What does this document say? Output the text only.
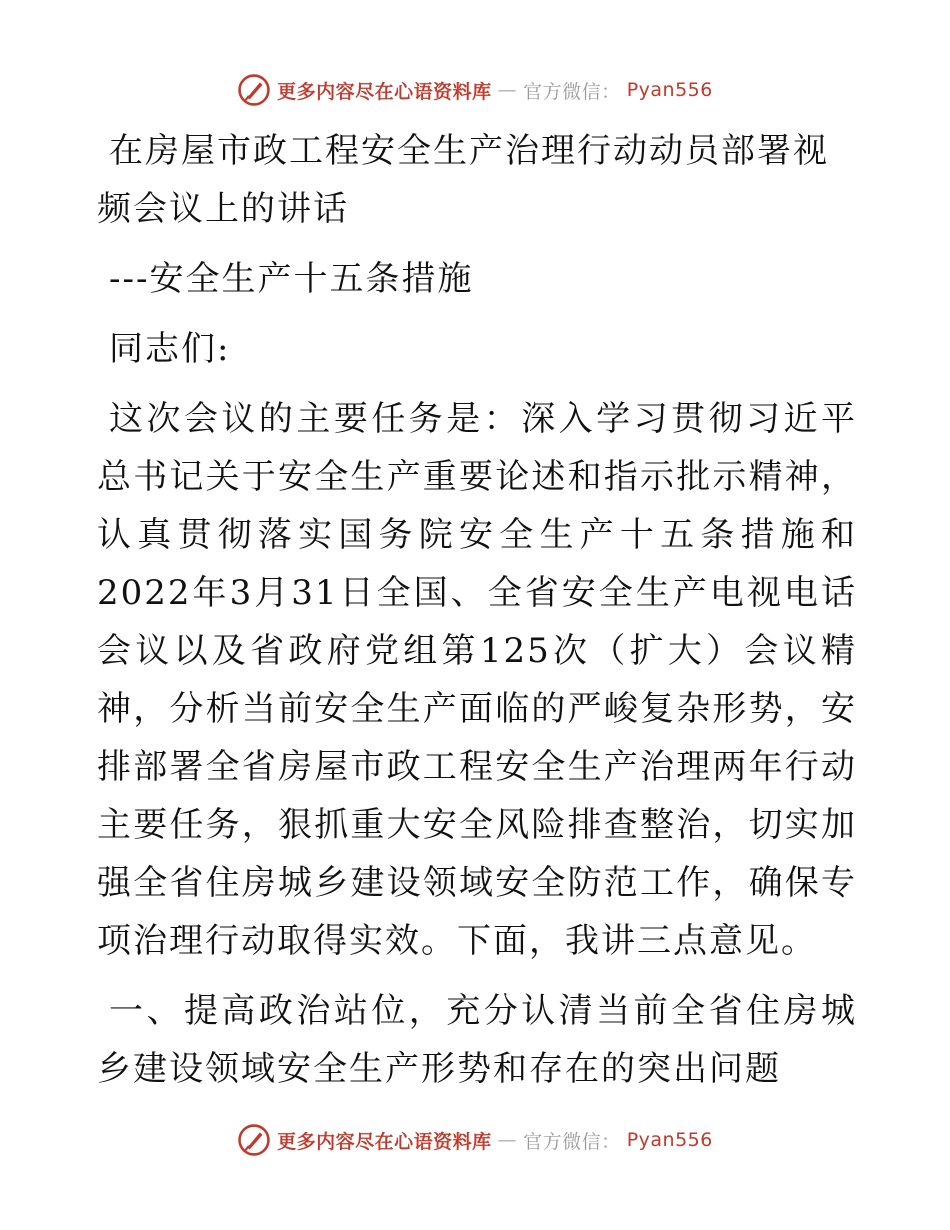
更多内容尽在心语资料库 — 官方微信： Pyan556
在房屋市政工程安全生产治理行动动员部署视频会议上的讲话

---安全生产十五条措施

同志们:

这次会议的主要任务是：深入学习贯彻习近平总书记关于安全生产重要论述和指示批示精神，认真贯彻落实国务院安全生产十五条措施和2022年3月31日全国、全省安全生产电视电话会议以及省政府党组第125次（扩大）会议精神，分析当前安全生产面临的严峻复杂形势，安排部署全省房屋市政工程安全生产治理两年行动主要任务，狠抓重大安全风险排查整治，切实加强全省住房城乡建设领域安全防范工作，确保专项治理行动取得实效。下面，我讲三点意见。

一、提高政治站位，充分认清当前全省住房城乡建设领域安全生产形势和存在的突出问题

更多内容尽在心语资料库 — 官方微信： Pyan556
